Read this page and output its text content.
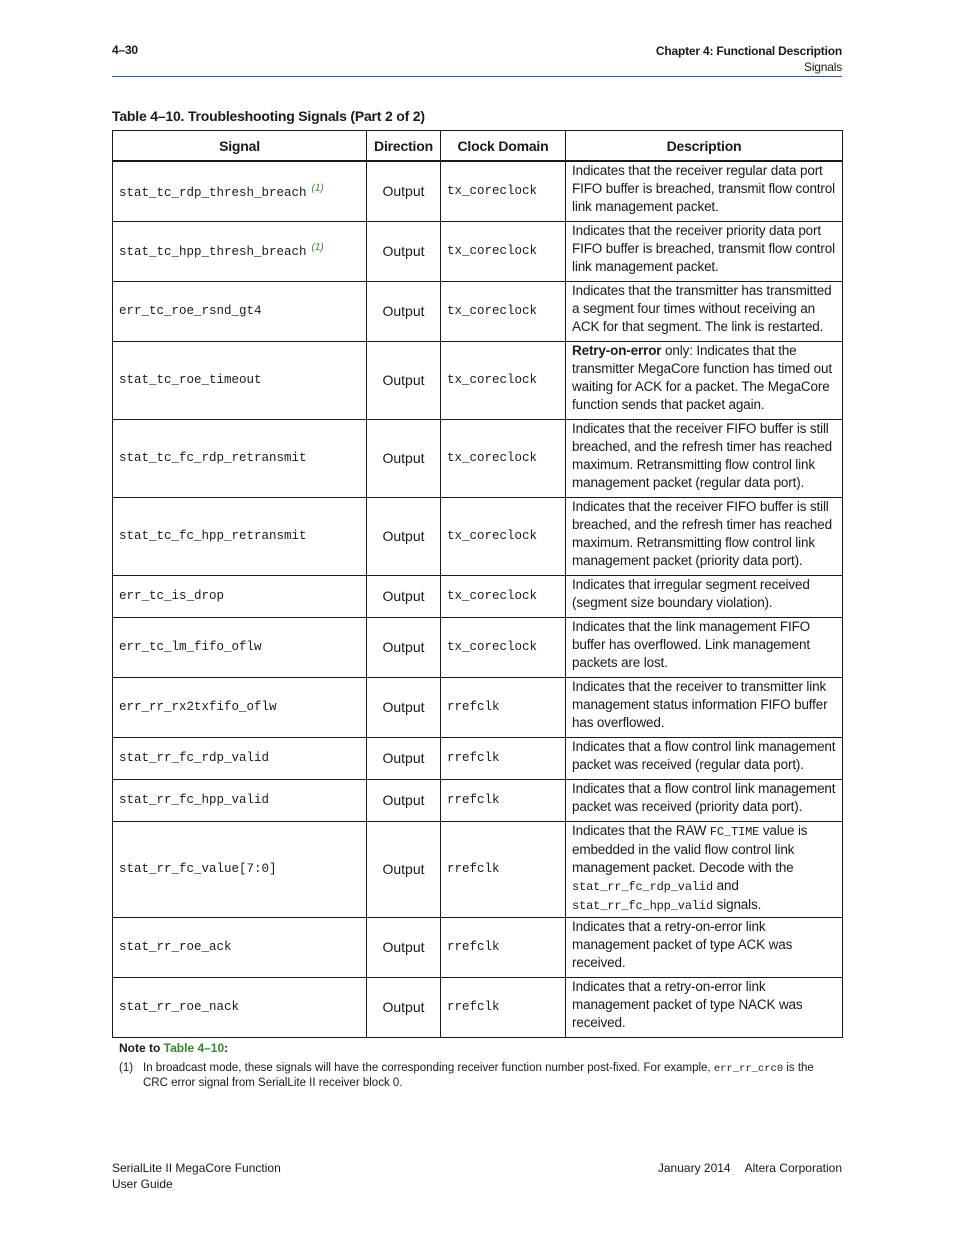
4–30	Chapter 4: Functional Description
Signals
Table 4–10. Troubleshooting Signals (Part 2 of 2)
Signal	Direction	Clock Domain	Description
stat_tc_rdp_thresh_breach $^{(1)}$	Output	tx_coreclock	Indicates that the receiver regular data port FIFO buffer is breached, transmit flow control link management packet.
stat_tc_hpp_thresh_breach $^{(1)}$	Output	tx_coreclock	Indicates that the receiver priority data port FIFO buffer is breached, transmit flow control link management packet.
err_tc_roe_rsnd_gt4	Output	tx_coreclock	Indicates that the transmitter has transmitted a segment four times without receiving an ACK for that segment. The link is restarted.
stat_tc_roe_timeout	Output	tx_coreclock	Retry-on-error only: Indicates that the transmitter MegaCore function has timed out waiting for ACK for a packet. The MegaCore function sends that packet again.
stat_tc_fc_rdp_retransmit	Output	tx_coreclock	Indicates that the receiver FIFO buffer is still breached, and the refresh timer has reached maximum. Retransmitting flow control link management packet (regular data port).
stat_tc_fc_hpp_retransmit	Output	tx_coreclock	Indicates that the receiver FIFO buffer is still breached, and the refresh timer has reached maximum. Retransmitting flow control link management packet (priority data port).
err_tc_is_drop	Output	tx_coreclock	Indicates that irregular segment received (segment size boundary violation).
err_tc_lm_fifo_oflw	Output	tx_coreclock	Indicates that the link management FIFO buffer has overflowed. Link management packets are lost.
err_rr_rx2txfifo_oflw	Output	rrefclk	Indicates that the receiver to transmitter link management status information FIFO buffer has overflowed.
stat_rr_fc_rdp_valid	Output	rrefclk	Indicates that a flow control link management packet was received (regular data port).
stat_rr_fc_hpp_valid	Output	rrefclk	Indicates that a flow control link management packet was received (priority data port).
stat_rr_fc_value[7:0]	Output	rrefclk	Indicates that the RAW FC_TIME value is embedded in the valid flow control link management packet. Decode with the stat_rr_fc_rdp_valid and stat_rr_fc_hpp_valid signals.
stat_rr_roe_ack	Output	rrefclk	Indicates that a retry-on-error link management packet of type ACK was received.
stat_rr_roe_nack	Output	rrefclk	Indicates that a retry-on-error link management packet of type NACK was received.
Note to Table 4–10:
(1) In broadcast mode, these signals will have the corresponding receiver function number post-fixed. For example, err_rr_crc0 is the CRC error signal from SerialLite II receiver block 0.
SerialLite II MegaCore Function
User Guide
January 2014 Altera Corporation
